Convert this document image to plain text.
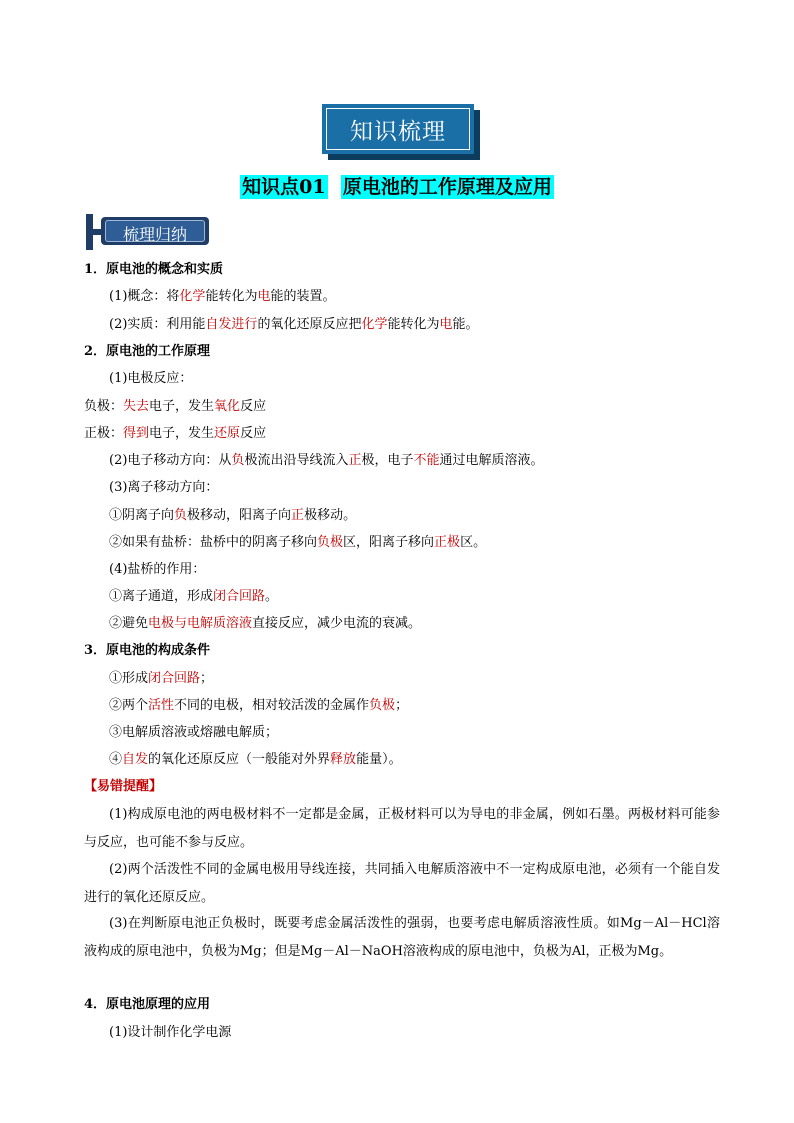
知识梳理
知识点01 原电池的工作原理及应用
梳理归纳
1．原电池的概念和实质
(1)概念：将化学能转化为电能的装置。
(2)实质：利用能自发进行的氧化还原反应把化学能转化为电能。
2．原电池的工作原理
(1)电极反应：
负极：失去电子，发生氧化反应
正极：得到电子，发生还原反应
(2)电子移动方向：从负极流出沿导线流入正极，电子不能通过电解质溶液。
(3)离子移动方向：
①阴离子向负极移动，阳离子向正极移动。
②如果有盐桥：盐桥中的阴离子移向负极区，阳离子移向正极区。
(4)盐桥的作用：
①离子通道，形成闭合回路。
②避免电极与电解质溶液直接反应，减少电流的衰减。
3．原电池的构成条件
①形成闭合回路；
②两个活性不同的电极，相对较活泼的金属作负极；
③电解质溶液或熔融电解质；
④自发的氧化还原反应（一般能对外界释放能量）。
【易错提醒】
(1)构成原电池的两电极材料不一定都是金属，正极材料可以为导电的非金属，例如石墨。两极材料可能参与反应，也可能不参与反应。
(2)两个活泼性不同的金属电极用导线连接，共同插入电解质溶液中不一定构成原电池，必须有一个能自发进行的氧化还原反应。
(3)在判断原电池正负极时，既要考虑金属活泼性的强弱，也要考虑电解质溶液性质。如Mg－Al－HCl溶液构成的原电池中，负极为Mg；但是Mg－Al－NaOH溶液构成的原电池中，负极为Al，正极为Mg。
4．原电池原理的应用
(1)设计制作化学电源
